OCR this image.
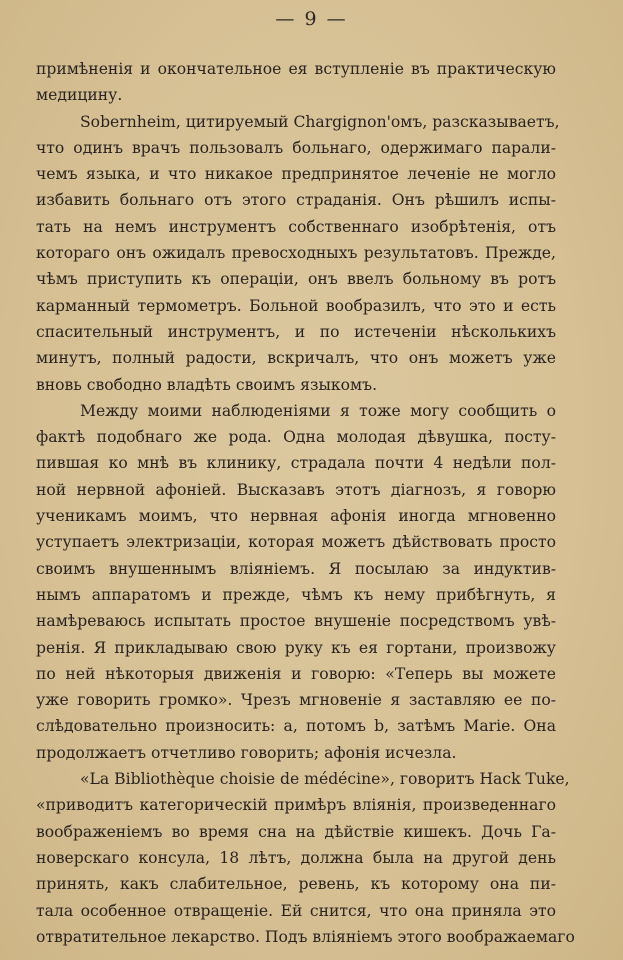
— 9 —
примѣненія и окончательное ея вступленіе въ практическую
медицину.
Sobernheim, цитируемый Chargignon'омъ, разсказываетъ,
что одинъ врачъ пользовалъ больнаго, одержимаго парали-
чемъ языка, и что никакое предпринятое леченіе не могло
избавить больнаго отъ этого страданія. Онъ рѣшилъ испы-
тать на немъ инструментъ собственнаго изобрѣтенія, отъ
котораго онъ ожидалъ превосходныхъ результатовъ. Прежде,
чѣмъ приступить къ операціи, онъ ввелъ больному въ ротъ
карманный термометръ. Больной вообразилъ, что это и есть
спасительный инструментъ, и по истеченіи нѣсколькихъ
минутъ, полный радости, вскричалъ, что онъ можетъ уже
вновь свободно владѣть своимъ языкомъ.
Между моими наблюденіями я тоже могу сообщить о
фактѣ подобнаго же рода. Одна молодая дѣвушка, посту-
пившая ко мнѣ въ клинику, страдала почти 4 недѣли пол-
ной нервной афоніей. Высказавъ этотъ діагнозъ, я говорю
ученикамъ моимъ, что нервная афонія иногда мгновенно
уступаетъ электризаціи, которая можетъ дѣйствовать просто
своимъ внушеннымъ вліяніемъ. Я посылаю за индуктив-
нымъ аппаратомъ и прежде, чѣмъ къ нему прибѣгнуть, я
намѣреваюсь испытать простое внушеніе посредствомъ увѣ-
ренія. Я прикладываю свою руку къ ея гортани, произвожу
по ней нѣкоторыя движенія и говорю: «Теперь вы можете
уже говорить громко». Чрезъ мгновеніе я заставляю ее по-
слѣдовательно произносить: a, потомъ b, затѣмъ Marie. Она
продолжаетъ отчетливо говорить; афонія исчезла.
«La Bibliothèque choisie de médécine», говоритъ Hack Tuke,
«приводитъ категорическій примѣръ вліянія, произведеннаго
воображеніемъ во время сна на дѣйствіе кишекъ. Дочь Га-
новерскаго консула, 18 лѣтъ, должна была на другой день
принять, какъ слабительное, ревень, къ которому она пи-
тала особенное отвращеніе. Ей снится, что она приняла это
отвратительное лекарство. Подъ вліяніемъ этого воображаемаго
